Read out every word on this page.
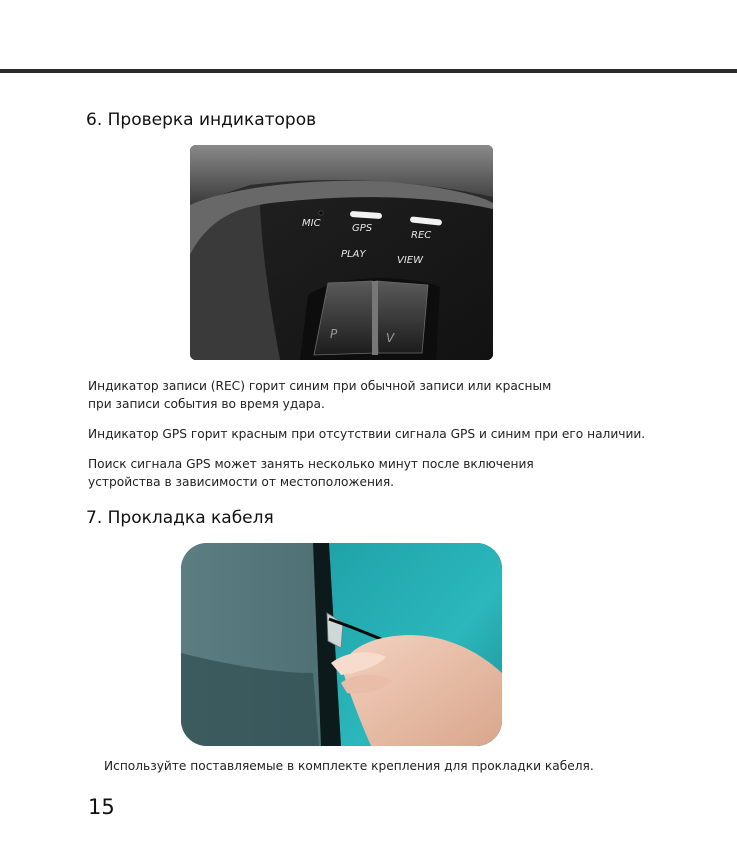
6. Проверка индикаторов
MIC	GPS
REC
PLAY
VIEW
P	V
Индикатор записи (REC) горит синим при обычной записи или красным
при записи события во время удара.
Индикатор GPS горит красным при отсутствии сигнала GPS и синим при его наличии.
Поиск сигнала GPS может занять несколько минут после включения
устройства в зависимости от местоположения.
7. Прокладка кабеля
Используйте поставляемые в комплекте крепления для прокладки кабеля.
15
